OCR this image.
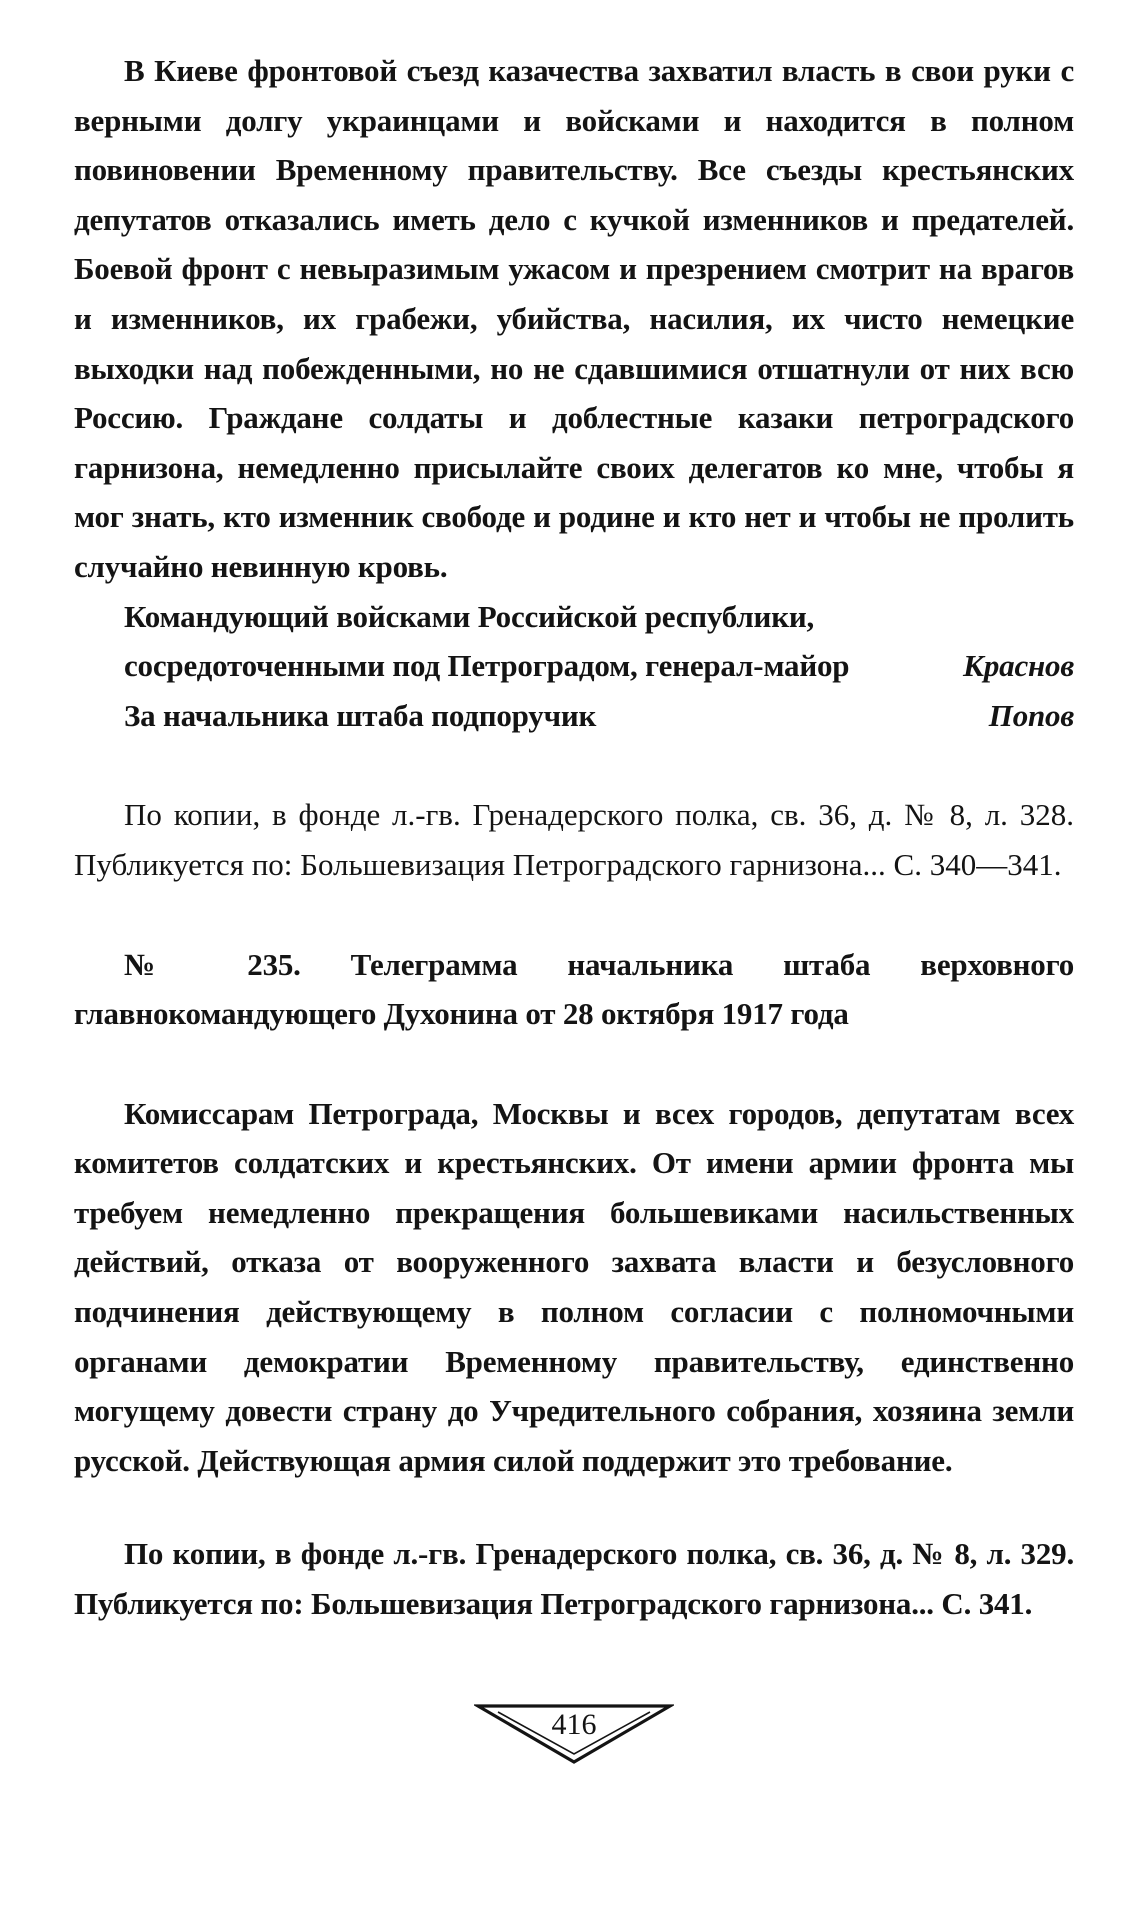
В Киеве фронтовой съезд казачества захватил власть в свои руки с верными долгу украинцами и войсками и находится в полном повиновении Временному правительству. Все съезды крестьянских депутатов отказались иметь дело с кучкой изменников и предателей. Боевой фронт с невыразимым ужасом и презрением смотрит на врагов и изменников, их грабежи, убийства, насилия, их чисто немецкие выходки над побежденными, но не сдавшимися отшатнули от них всю Россию. Граждане солдаты и доблестные казаки петроградского гарнизона, немедленно присылайте своих делегатов ко мне, чтобы я мог знать, кто изменник свободе и родине и кто нет и чтобы не пролить случайно невинную кровь.

Командующий войсками Российской республики,
сосредоточенными под Петроградом, генерал-майор	Краснов
За начальника штаба подпоручик	Попов

По копии, в фонде л.-гв. Гренадерского полка, св. 36, д. № 8, л. 328. Публикуется по: Большевизация Петроградского гарнизона... С. 340—341.

№ 235. Телеграмма начальника штаба верховного главнокомандующего Духонина от 28 октября 1917 года

Комиссарам Петрограда, Москвы и всех городов, депутатам всех комитетов солдатских и крестьянских. От имени армии фронта мы требуем немедленно прекращения большевиками насильственных действий, отказа от вооруженного захвата власти и безусловного подчинения действующему в полном согласии с полномочными органами демократии Временному правительству, единственно могущему довести страну до Учредительного собрания, хозяина земли русской. Действующая армия силой поддержит это требование.

По копии, в фонде л.-гв. Гренадерского полка, св. 36, д. № 8, л. 329. Публикуется по: Большевизация Петроградского гарнизона... С. 341.

416
